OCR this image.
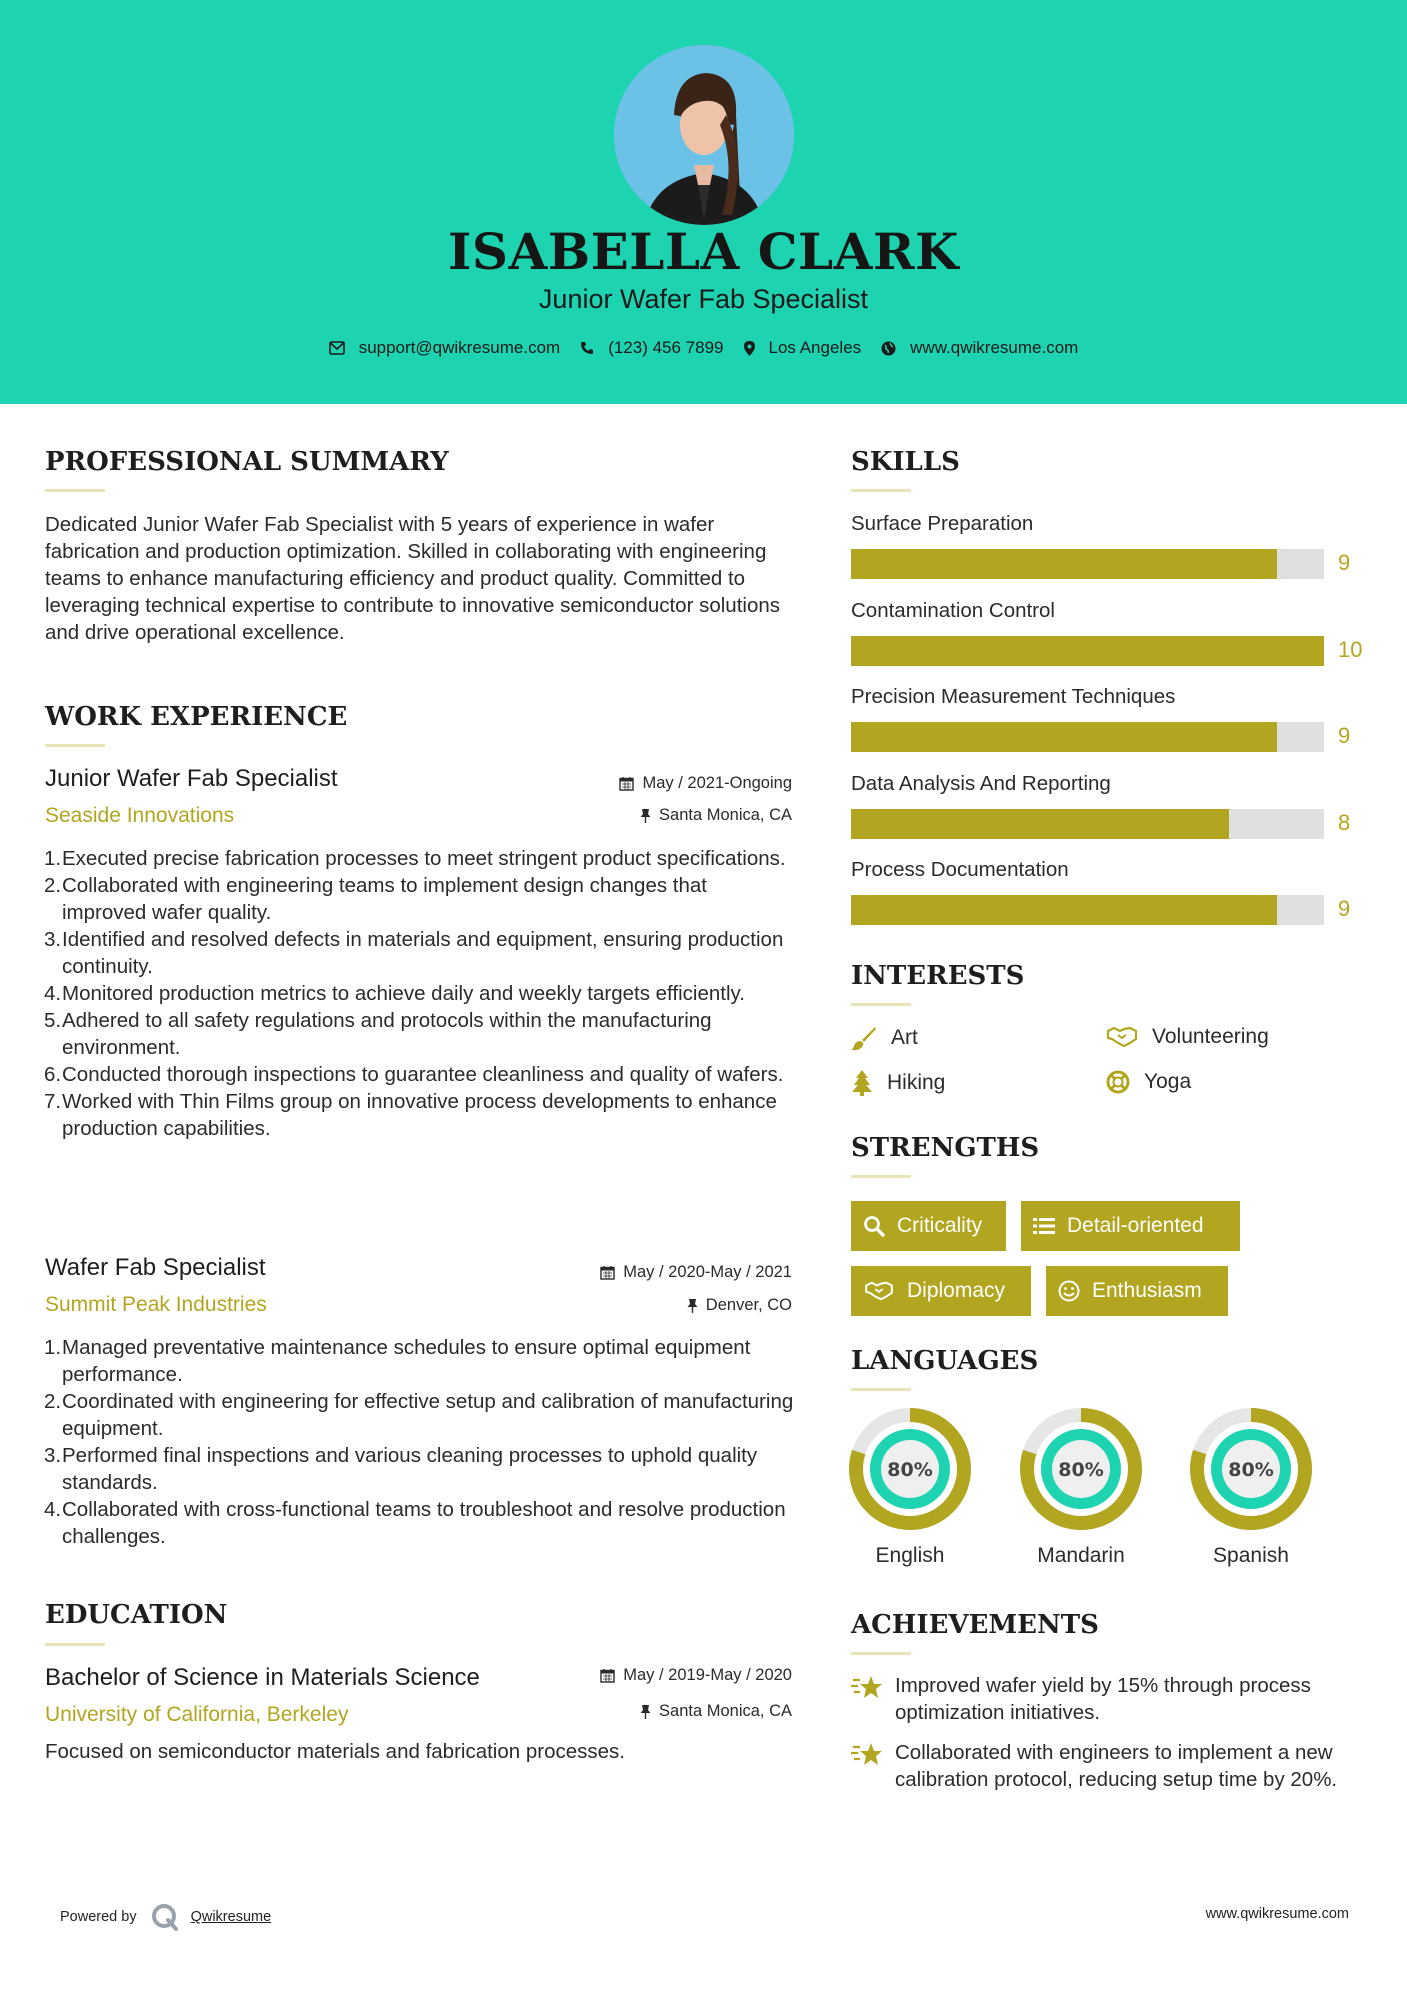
ISABELLA CLARK
Junior Wafer Fab Specialist
support@qwikresume.com	(123) 456 7899	Los Angeles	www.qwikresume.com
PROFESSIONAL SUMMARY
Dedicated Junior Wafer Fab Specialist with 5 years of experience in wafer fabrication and production optimization. Skilled in collaborating with engineering teams to enhance manufacturing efficiency and product quality. Committed to leveraging technical expertise to contribute to innovative semiconductor solutions and drive operational excellence.
WORK EXPERIENCE
Junior Wafer Fab Specialist	May / 2021-Ongoing
Seaside Innovations	Santa Monica, CA
1. Executed precise fabrication processes to meet stringent product specifications.
2. Collaborated with engineering teams to implement design changes that improved wafer quality.
3. Identified and resolved defects in materials and equipment, ensuring production continuity.
4. Monitored production metrics to achieve daily and weekly targets efficiently.
5. Adhered to all safety regulations and protocols within the manufacturing environment.
6. Conducted thorough inspections to guarantee cleanliness and quality of wafers.
7. Worked with Thin Films group on innovative process developments to enhance production capabilities.
Wafer Fab Specialist	May / 2020-May / 2021
Summit Peak Industries	Denver, CO
1. Managed preventative maintenance schedules to ensure optimal equipment performance.
2. Coordinated with engineering for effective setup and calibration of manufacturing equipment.
3. Performed final inspections and various cleaning processes to uphold quality standards.
4. Collaborated with cross-functional teams to troubleshoot and resolve production challenges.
EDUCATION
Bachelor of Science in Materials Science	May / 2019-May / 2020
University of California, Berkeley	Santa Monica, CA
Focused on semiconductor materials and fabrication processes.
SKILLS
Surface Preparation
9
Contamination Control
10
Precision Measurement Techniques
9
Data Analysis And Reporting
8
Process Documentation
9
INTERESTS
Art	Volunteering
Hiking	Yoga
STRENGTHS
Criticality	Detail-oriented
Diplomacy	Enthusiasm
LANGUAGES
80%
English
80%
Mandarin
80%
Spanish
ACHIEVEMENTS
Improved wafer yield by 15% through process optimization initiatives.
Collaborated with engineers to implement a new calibration protocol, reducing setup time by 20%.
Powered by	Qwikresume	www.qwikresume.com
